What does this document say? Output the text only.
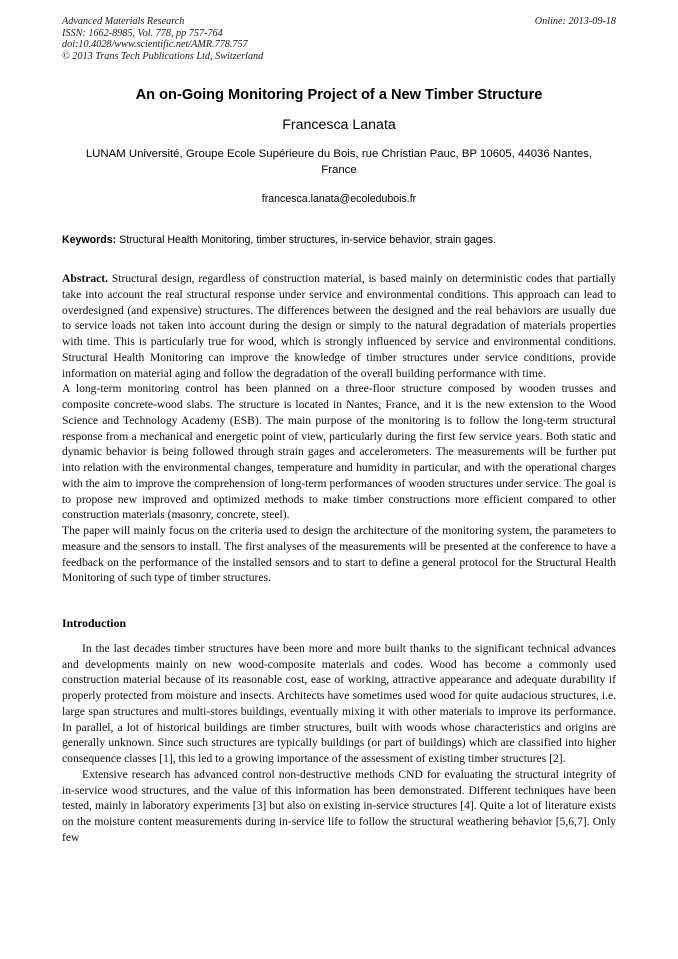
Advanced Materials Research
ISSN: 1662-8985, Vol. 778, pp 757-764
doi:10.4028/www.scientific.net/AMR.778.757
© 2013 Trans Tech Publications Ltd, Switzerland
Online: 2013-09-18
An on-Going Monitoring Project of a New Timber Structure
Francesca Lanata
LUNAM Université, Groupe Ecole Supérieure du Bois, rue Christian Pauc, BP 10605, 44036 Nantes, France
francesca.lanata@ecoledubois.fr
Keywords: Structural Health Monitoring, timber structures, in-service behavior, strain gages.

Abstract. Structural design, regardless of construction material, is based mainly on deterministic codes that partially take into account the real structural response under service and environmental conditions. This approach can lead to overdesigned (and expensive) structures. The differences between the designed and the real behaviors are usually due to service loads not taken into account during the design or simply to the natural degradation of materials properties with time. This is particularly true for wood, which is strongly influenced by service and environmental conditions. Structural Health Monitoring can improve the knowledge of timber structures under service conditions, provide information on material aging and follow the degradation of the overall building performance with time.

A long-term monitoring control has been planned on a three-floor structure composed by wooden trusses and composite concrete-wood slabs. The structure is located in Nantes, France, and it is the new extension to the Wood Science and Technology Academy (ESB). The main purpose of the monitoring is to follow the long-term structural response from a mechanical and energetic point of view, particularly during the first few service years. Both static and dynamic behavior is being followed through strain gages and accelerometers. The measurements will be further put into relation with the environmental changes, temperature and humidity in particular, and with the operational charges with the aim to improve the comprehension of long-term performances of wooden structures under service. The goal is to propose new improved and optimized methods to make timber constructions more efficient compared to other construction materials (masonry, concrete, steel).

The paper will mainly focus on the criteria used to design the architecture of the monitoring system, the parameters to measure and the sensors to install. The first analyses of the measurements will be presented at the conference to have a feedback on the performance of the installed sensors and to start to define a general protocol for the Structural Health Monitoring of such type of timber structures.

Introduction

In the last decades timber structures have been more and more built thanks to the significant technical advances and developments mainly on new wood-composite materials and codes. Wood has become a commonly used construction material because of its reasonable cost, ease of working, attractive appearance and adequate durability if properly protected from moisture and insects. Architects have sometimes used wood for quite audacious structures, i.e. large span structures and multi-stores buildings, eventually mixing it with other materials to improve its performance. In parallel, a lot of historical buildings are timber structures, built with woods whose characteristics and origins are generally unknown. Since such structures are typically buildings (or part of buildings) which are classified into higher consequence classes [1], this led to a growing importance of the assessment of existing timber structures [2].

Extensive research has advanced control non-destructive methods CND for evaluating the structural integrity of in-service wood structures, and the value of this information has been demonstrated. Different techniques have been tested, mainly in laboratory experiments [3] but also on existing in-service structures [4]. Quite a lot of literature exists on the moisture content measurements during in-service life to follow the structural weathering behavior [5,6,7]. Only few
